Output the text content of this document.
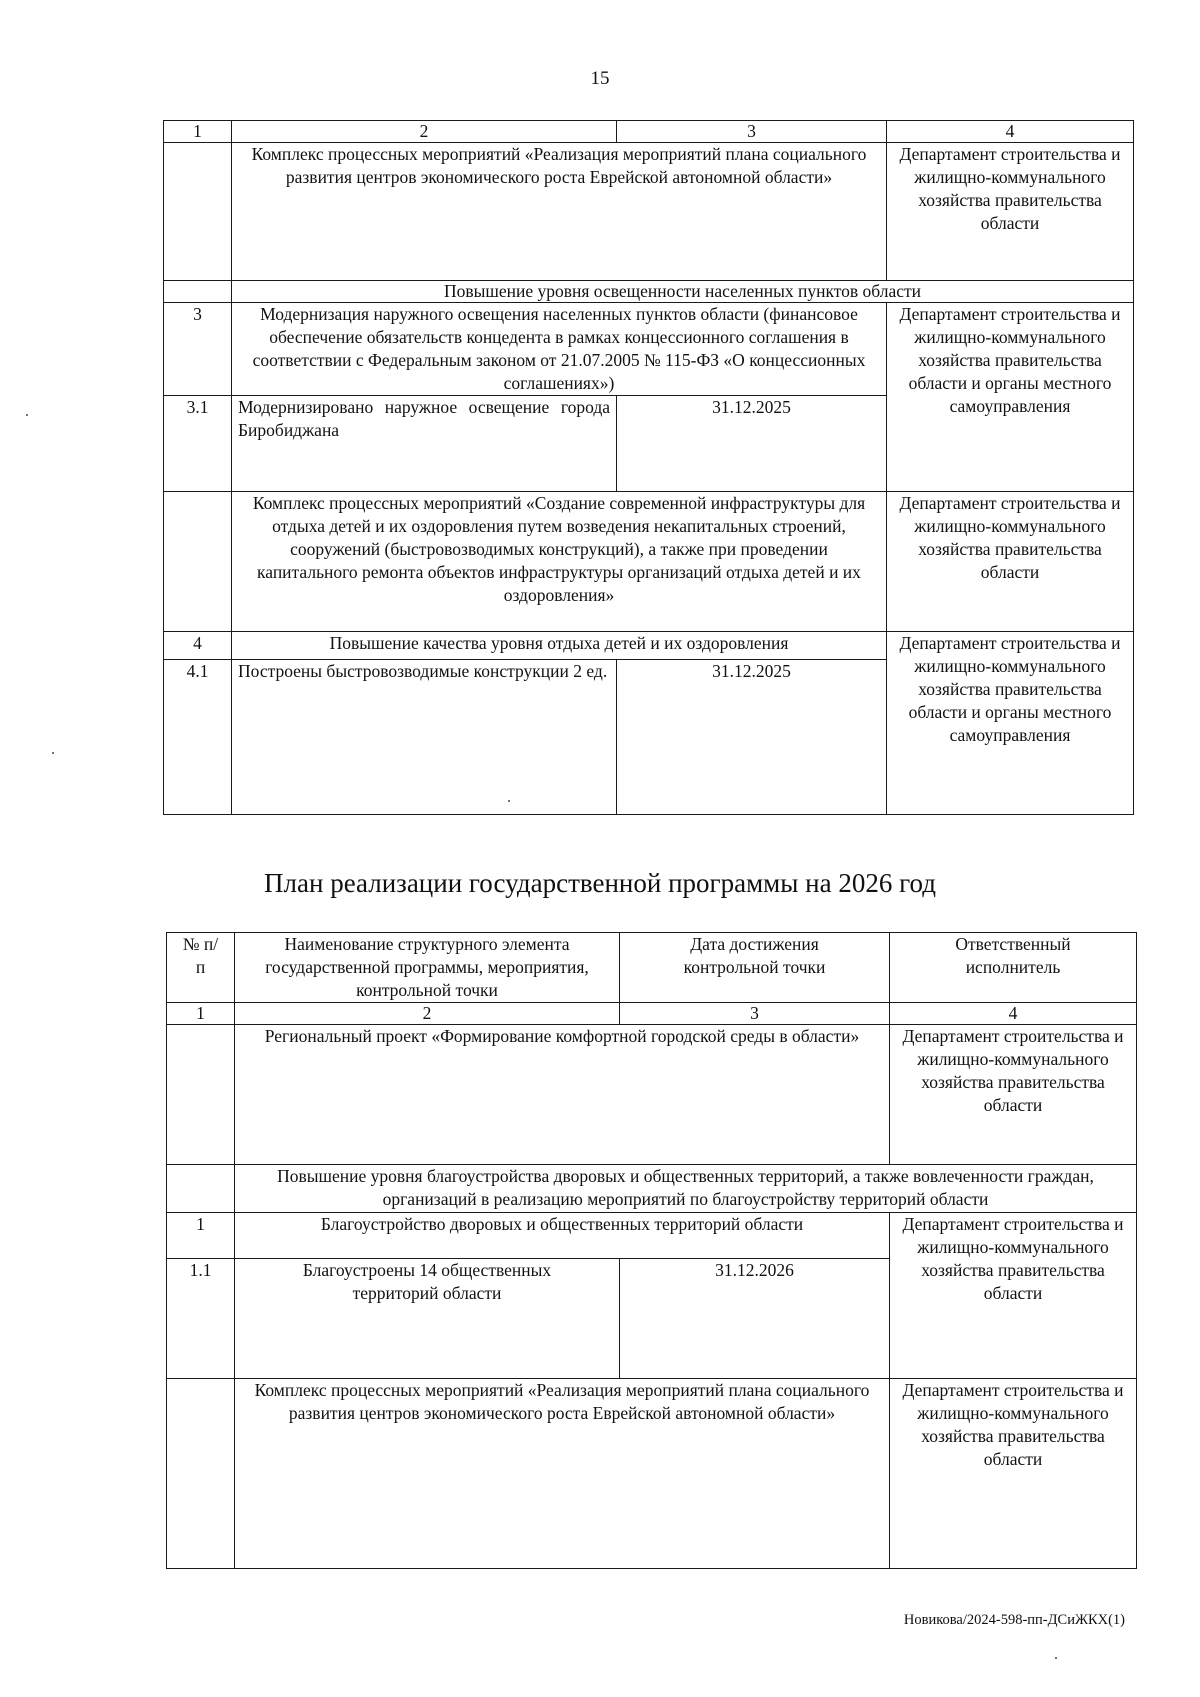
15
1	2	3	4
	Комплекс процессных мероприятий «Реализация мероприятий плана социального развития центров экономического роста Еврейской автономной области»		Департамент строительства и жилищно-коммунального хозяйства правительства области
	Повышение уровня освещенности населенных пунктов области		
3	Модернизация наружного освещения населенных пунктов области (финансовое обеспечение обязательств концедента в рамках концессионного соглашения в соответствии с Федеральным законом от 21.07.2005 № 115-ФЗ «О концессионных соглашениях»)		Департамент строительства и жилищно-коммунального хозяйства правительства области и органы местного самоуправления
3.1	Модернизировано наружное освещение города Биробиджана	31.12.2025	
	Комплекс процессных мероприятий «Создание современной инфраструктуры для отдыха детей и их оздоровления путем возведения некапитальных строений, сооружений (быстровозводимых конструкций), а также при проведении капитального ремонта объектов инфраструктуры организаций отдыха детей и их оздоровления»		Департамент строительства и жилищно-коммунального хозяйства правительства области
4	Повышение качества уровня отдыха детей и их оздоровления		Департамент строительства и жилищно-коммунального хозяйства правительства области и органы местного самоуправления
4.1	Построены быстровозводимые конструкции 2 ед.	31.12.2025	
План реализации государственной программы на 2026 год
№ п/п	Наименование структурного элемента государственной программы, мероприятия, контрольной точки	Дата достижения контрольной точки	Ответственный исполнитель
1	2	3	4
	Региональный проект «Формирование комфортной городской среды в области»		Департамент строительства и жилищно-коммунального хозяйства правительства области
	Повышение уровня благоустройства дворовых и общественных территорий, а также вовлеченности граждан, организаций в реализацию мероприятий по благоустройству территорий области		
1	Благоустройство дворовых и общественных территорий области		Департамент строительства и жилищно-коммунального хозяйства правительства области
1.1	Благоустроены 14 общественных территорий области	31.12.2026	
	Комплекс процессных мероприятий «Реализация мероприятий плана социального развития центров экономического роста Еврейской автономной области»		Департамент строительства и жилищно-коммунального хозяйства правительства области
Новикова/2024-598-пп-ДСиЖКХ(1)
